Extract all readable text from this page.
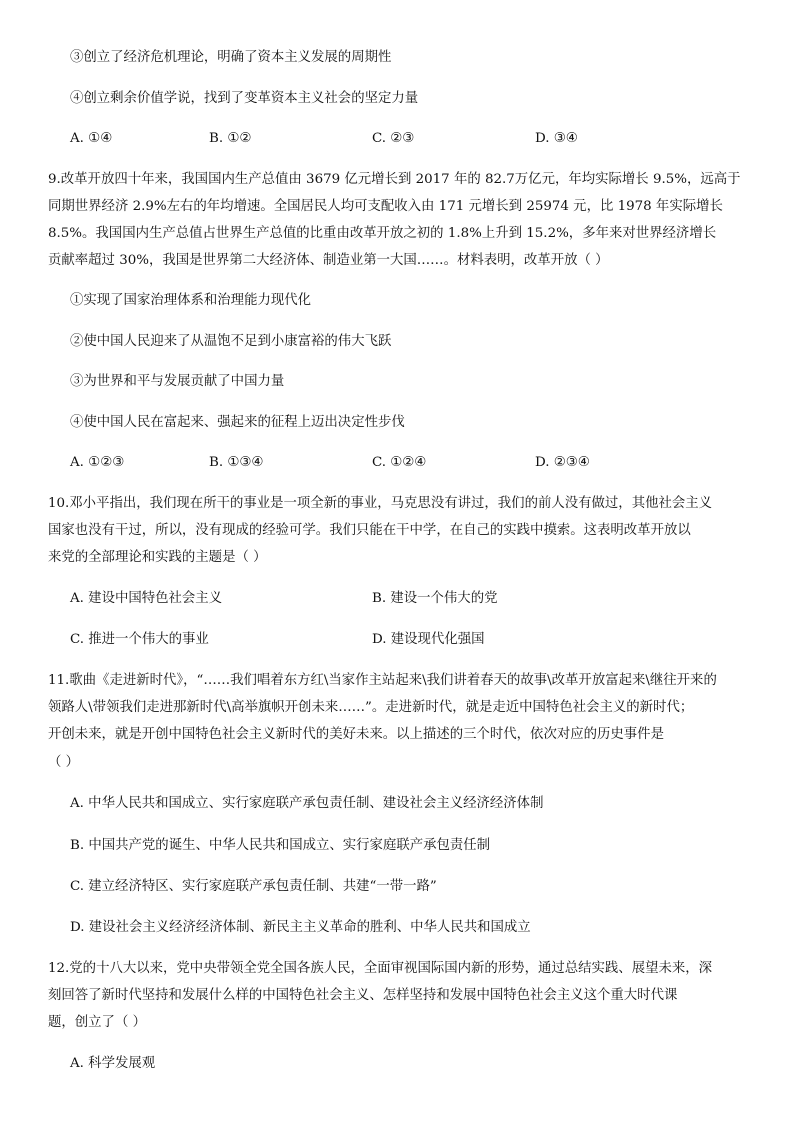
③创立了经济危机理论，明确了资本主义发展的周期性
④创立剩余价值学说，找到了变革资本主义社会的坚定力量
A. ①④	B. ①②	C. ②③	D. ③④
9.改革开放四十年来，我国国内生产总值由 3679 亿元增长到 2017 年的 82.7万亿元，年均实际增长 9.5%，远高于
同期世界经济 2.9%左右的年均增速。全国居民人均可支配收入由 171 元增长到 25974 元，比 1978 年实际增长
8.5%。我国国内生产总值占世界生产总值的比重由改革开放之初的 1.8%上升到 15.2%，多年来对世界经济增长
贡献率超过 30%，我国是世界第二大经济体、制造业第一大国……。材料表明，改革开放（ ）
①实现了国家治理体系和治理能力现代化
②使中国人民迎来了从温饱不足到小康富裕的伟大飞跃
③为世界和平与发展贡献了中国力量
④使中国人民在富起来、强起来的征程上迈出决定性步伐
A. ①②③	B. ①③④	C. ①②④	D. ②③④
10.邓小平指出，我们现在所干的事业是一项全新的事业，马克思没有讲过，我们的前人没有做过，其他社会主义
国家也没有干过，所以，没有现成的经验可学。我们只能在干中学，在自己的实践中摸索。这表明改革开放以
来党的全部理论和实践的主题是（ ）
A. 建设中国特色社会主义	B. 建设一个伟大的党
C. 推进一个伟大的事业	D. 建设现代化强国
11.歌曲《走进新时代》，“……我们唱着东方红\当家作主站起来\我们讲着春天的故事\改革开放富起来\继往开来的
领路人\带领我们走进那新时代\高举旗帜开创未来……”。走进新时代，就是走近中国特色社会主义的新时代；
开创未来，就是开创中国特色社会主义新时代的美好未来。以上描述的三个时代，依次对应的历史事件是
（ ）
A. 中华人民共和国成立、实行家庭联产承包责任制、建设社会主义经济经济体制
B. 中国共产党的诞生、中华人民共和国成立、实行家庭联产承包责任制
C. 建立经济特区、实行家庭联产承包责任制、共建“一带一路”
D. 建设社会主义经济经济体制、新民主主义革命的胜利、中华人民共和国成立
12.党的十八大以来，党中央带领全党全国各族人民，全面审视国际国内新的形势，通过总结实践、展望未来，深
刻回答了新时代坚持和发展什么样的中国特色社会主义、怎样坚持和发展中国特色社会主义这个重大时代课
题，创立了（ ）
A. 科学发展观
